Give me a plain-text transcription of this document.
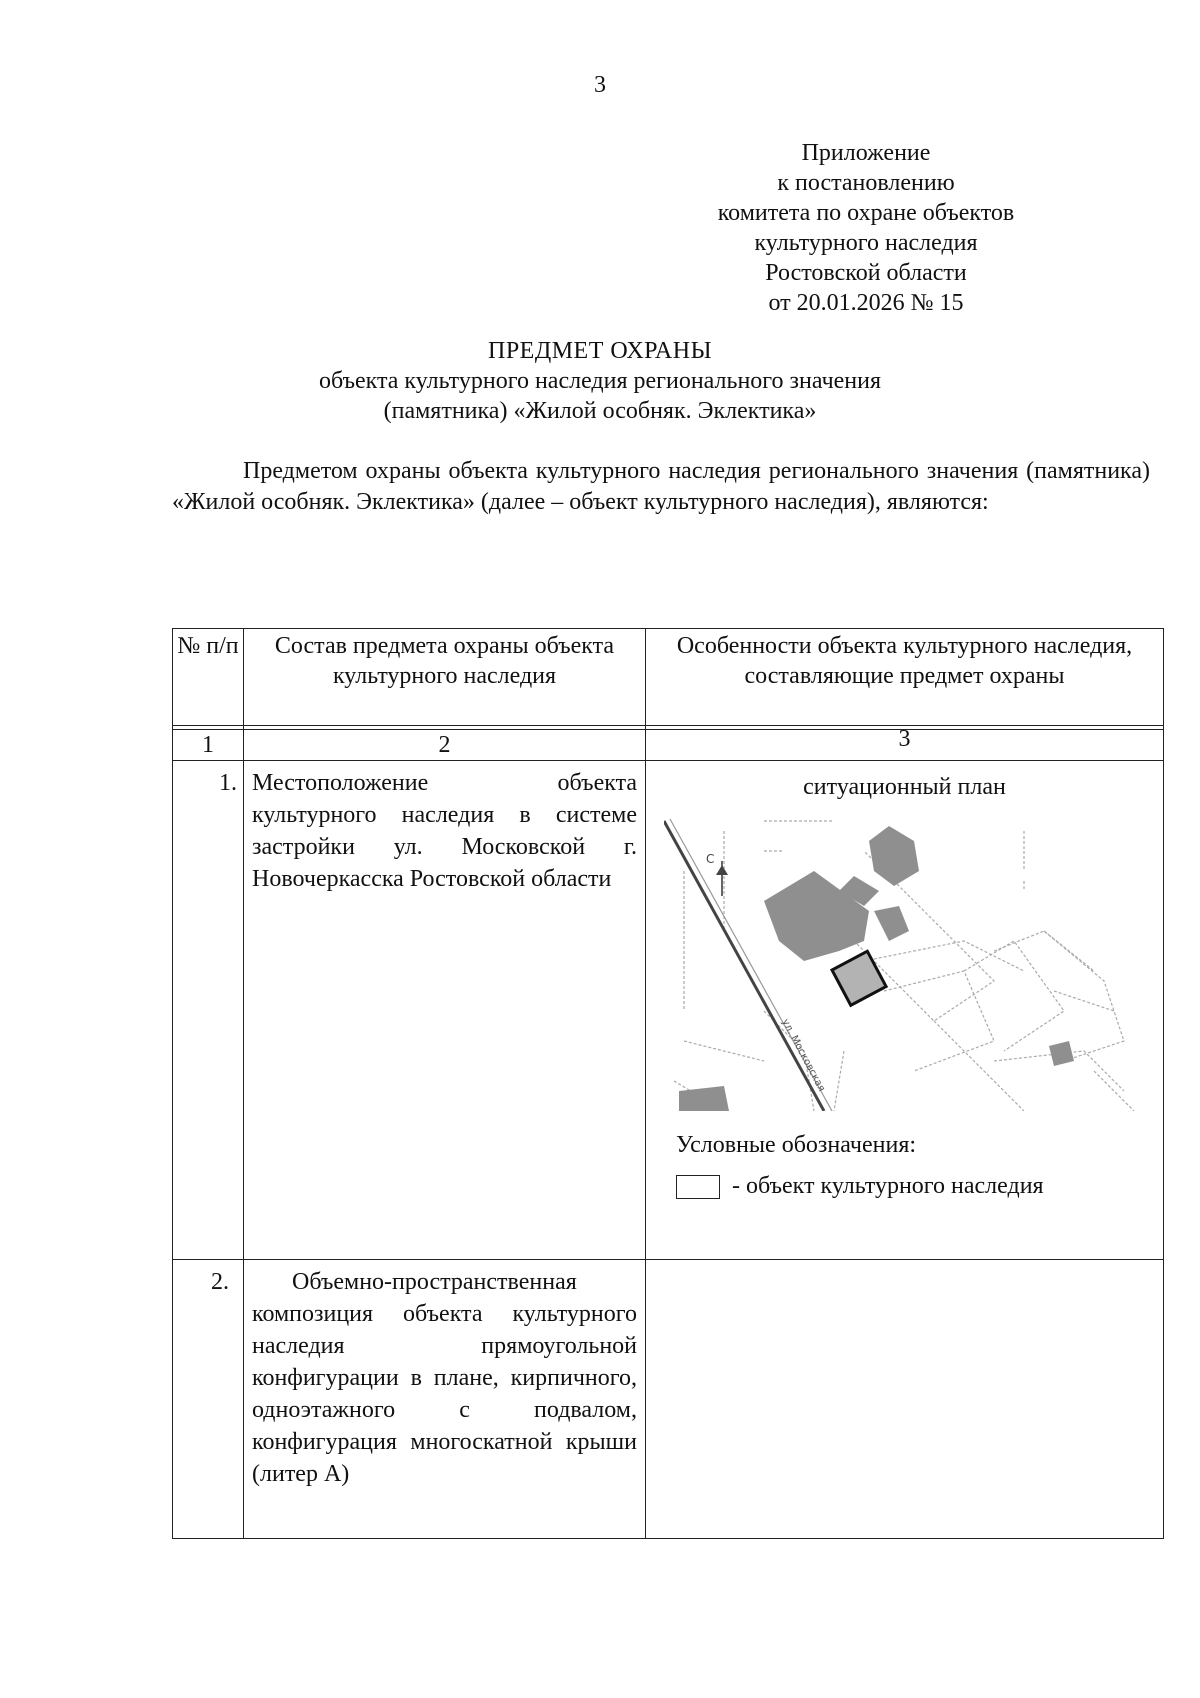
3
Приложение
к постановлению
комитета по охране объектов
культурного наследия
Ростовской области
от 20.01.2026 № 15
ПРЕДМЕТ ОХРАНЫ
объекта культурного наследия регионального значения
(памятника) «Жилой особняк. Эклектика»
Предметом охраны объекта культурного наследия регионального значения (памятника) «Жилой особняк. Эклектика» (далее – объект культурного наследия), являются:
№ п/п	Состав предмета охраны объекта культурного наследия	Особенности объекта культурного наследия, составляющие предмет охраны

1	2	3

1.	Местоположение объекта культурного наследия в системе застройки ул. Московской г. Новочеркасска Ростовской области	ситуационный план
С
ул. Московская
Условные обозначения:
- объект культурного наследия

2.	Объемно-пространственная композиция объекта культурного наследия прямоугольной конфигурации в плане, кирпичного, одноэтажного с подвалом, конфигурация многоскатной крыши (литер А)	
